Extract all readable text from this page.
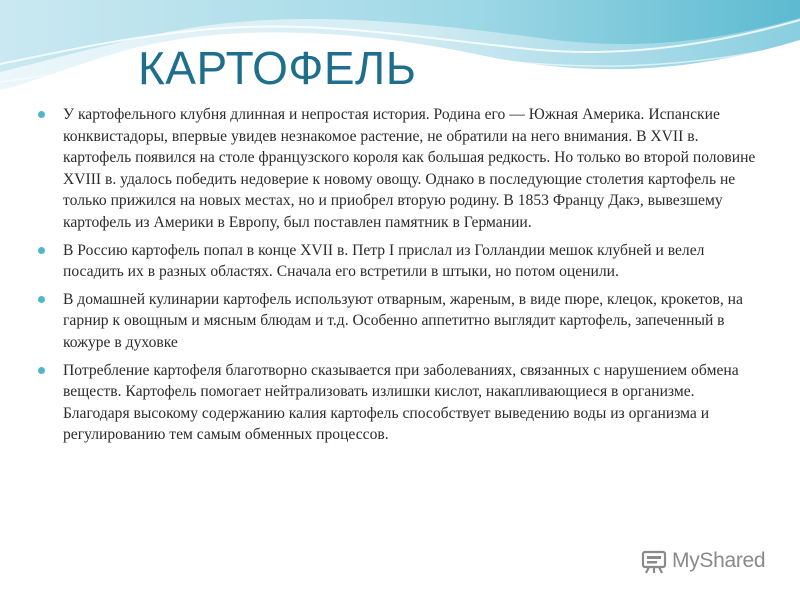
КАРТОФЕЛЬ
У картофельного клубня длинная и непростая история. Родина его — Южная Америка. Испанские конквистадоры, впервые увидев незнакомое растение, не обратили на него внимания. В XVII в. картофель появился на столе французского короля как большая редкость. Но только во второй половине XVIII в. удалось победить недоверие к новому овощу. Однако в последующие столетия картофель не только прижился на новых местах, но и приобрел вторую родину. В 1853 Францу Дакэ, вывезшему картофель из Америки в Европу, был поставлен памятник в Германии.
В Россию картофель попал в конце XVII в. Петр I прислал из Голландии мешок клубней и велел посадить их в разных областях. Сначала его встретили в штыки, но потом оценили.
В домашней кулинарии картофель используют отварным, жареным, в виде пюре, клецок, крокетов, на гарнир к овощным и мясным блюдам и т.д. Особенно аппетитно выглядит картофель, запеченный в кожуре в духовке
Потребление картофеля благотворно сказывается при заболеваниях, связанных с нарушением обмена веществ. Картофель помогает нейтрализовать излишки кислот, накапливающиеся в организме. Благодаря высокому содержанию калия картофель способствует выведению воды из организма и регулированию тем самым обменных процессов.
MyShared
